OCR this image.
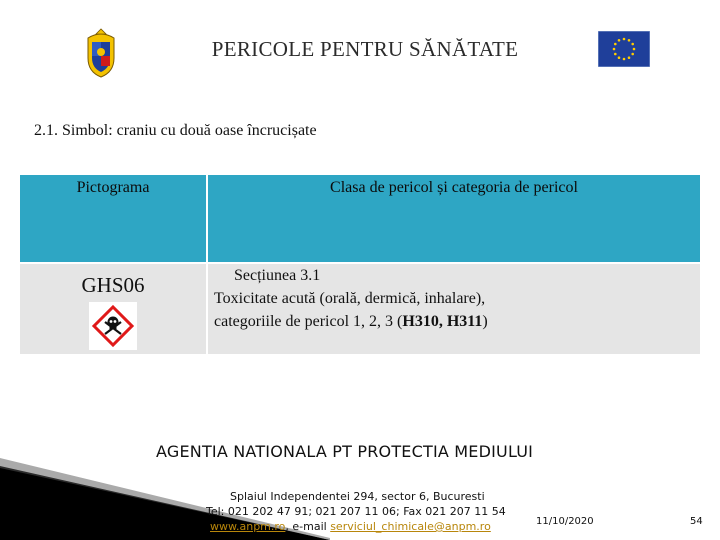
PERICOLE PENTRU SĂNĂTATE
2.1. Simbol: craniu cu două oase încrucișate
Pictograma	Clasa de pericol și categoria de pericol
GHS06	Secțiunea 3.1
Toxicitate acută (orală, dermică, inhalare),
categoriile de pericol 1, 2, 3 (H310, H311)
AGENTIA NATIONALA PT PROTECTIA MEDIULUI
Splaiul Independentei 294, sector 6, Bucuresti
Tel: 021 202 47 91; 021 207 11 06; Fax 021 207 11 54
www.anpm.ro, e-mail serviciul_chimicale@anpm.ro	11/10/2020	54
